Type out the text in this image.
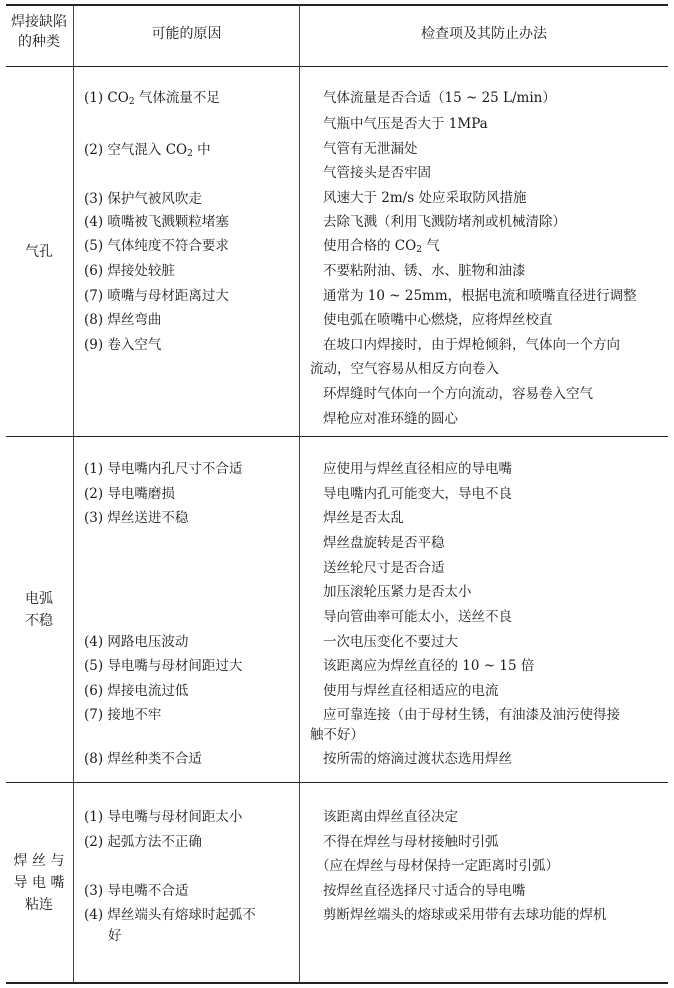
焊接缺陷
的种类	可能的原因	检查项及其防止办法
气孔
(1) $CO_2$ 气体流量不足
(2) 空气混入 $CO_2$ 中
(3) 保护气被风吹走
(4) 喷嘴被飞溅颗粒堵塞
(5) 气体纯度不符合要求
(6) 焊接处较脏
(7) 喷嘴与母材距离过大
(8) 焊丝弯曲
(9) 卷入空气
气体流量是否合适（15 ~ 25 L/min）
气瓶中气压是否大于 1MPa
气管有无泄漏处
气管接头是否牢固
风速大于 2m/s 处应采取防风措施
去除飞溅（利用飞溅防堵剂或机械清除）
使用合格的 $CO_2$ 气
不要粘附油、锈、水、脏物和油漆
通常为 10 ~ 25mm，根据电流和喷嘴直径进行调整
使电弧在喷嘴中心燃烧，应将焊丝校直
在坡口内焊接时，由于焊枪倾斜，气体向一个方向
流动，空气容易从相反方向卷入
环焊缝时气体向一个方向流动，容易卷入空气
焊枪应对准环缝的圆心
电弧
不稳
(1) 导电嘴内孔尺寸不合适
(2) 导电嘴磨损
(3) 焊丝送进不稳
(4) 网路电压波动
(5) 导电嘴与母材间距过大
(6) 焊接电流过低
(7) 接地不牢
(8) 焊丝种类不合适
应使用与焊丝直径相应的导电嘴
导电嘴内孔可能变大，导电不良
焊丝是否太乱
焊丝盘旋转是否平稳
送丝轮尺寸是否合适
加压滚轮压紧力是否太小
导向管曲率可能太小，送丝不良
一次电压变化不要过大
该距离应为焊丝直径的 10 ~ 15 倍
使用与焊丝直径相适应的电流
应可靠连接（由于母材生锈，有油漆及油污使得接
触不好）
按所需的熔滴过渡状态选用焊丝
焊 丝 与
导 电 嘴
粘连
(1) 导电嘴与母材间距太小
(2) 起弧方法不正确
(3) 导电嘴不合适
(4) 焊丝端头有熔球时起弧不
好
该距离由焊丝直径决定
不得在焊丝与母材接触时引弧
（应在焊丝与母材保持一定距离时引弧）
按焊丝直径选择尺寸适合的导电嘴
剪断焊丝端头的熔球或采用带有去球功能的焊机
